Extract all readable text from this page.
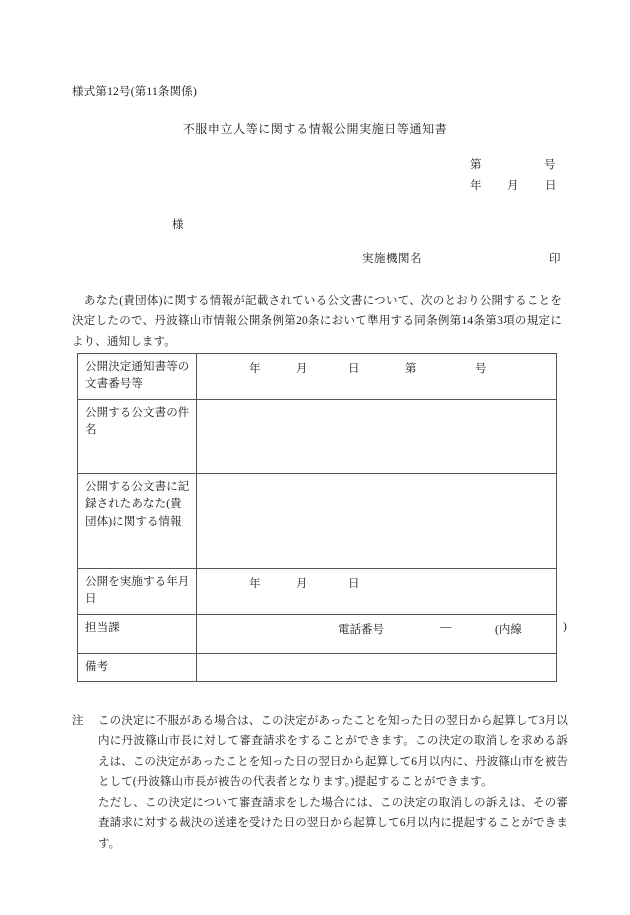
様式第12号(第11条関係)
不服申立人等に関する情報公開実施日等通知書
第	号
年 月 日
様
実施機関名	印
あなた(貴団体)に関する情報が記載されている公文書について、次のとおり公開することを決定したので、丹波篠山市情報公開条例第20条において準用する同条例第14条第3項の規定により、通知します。
公開決定通知書等の文書番号等	年 月 日 第 号

公開する公文書の件名	
公開する公文書に記録されたあなた(貴団体)に関する情報	
公開を実施する年月日	年 月 日

担当課	電話番号 ― (内線 )

備考	
注	この決定に不服がある場合は、この決定があったことを知った日の翌日から起算して3月以内に丹波篠山市長に対して審査請求をすることができます。この決定の取消しを求める訴えは、この決定があったことを知った日の翌日から起算して6月以内に、丹波篠山市を被告として(丹波篠山市長が被告の代表者となります。)提起することができます。

ただし、この決定について審査請求をした場合には、この決定の取消しの訴えは、その審査請求に対する裁決の送達を受けた日の翌日から起算して6月以内に提起することができます。
